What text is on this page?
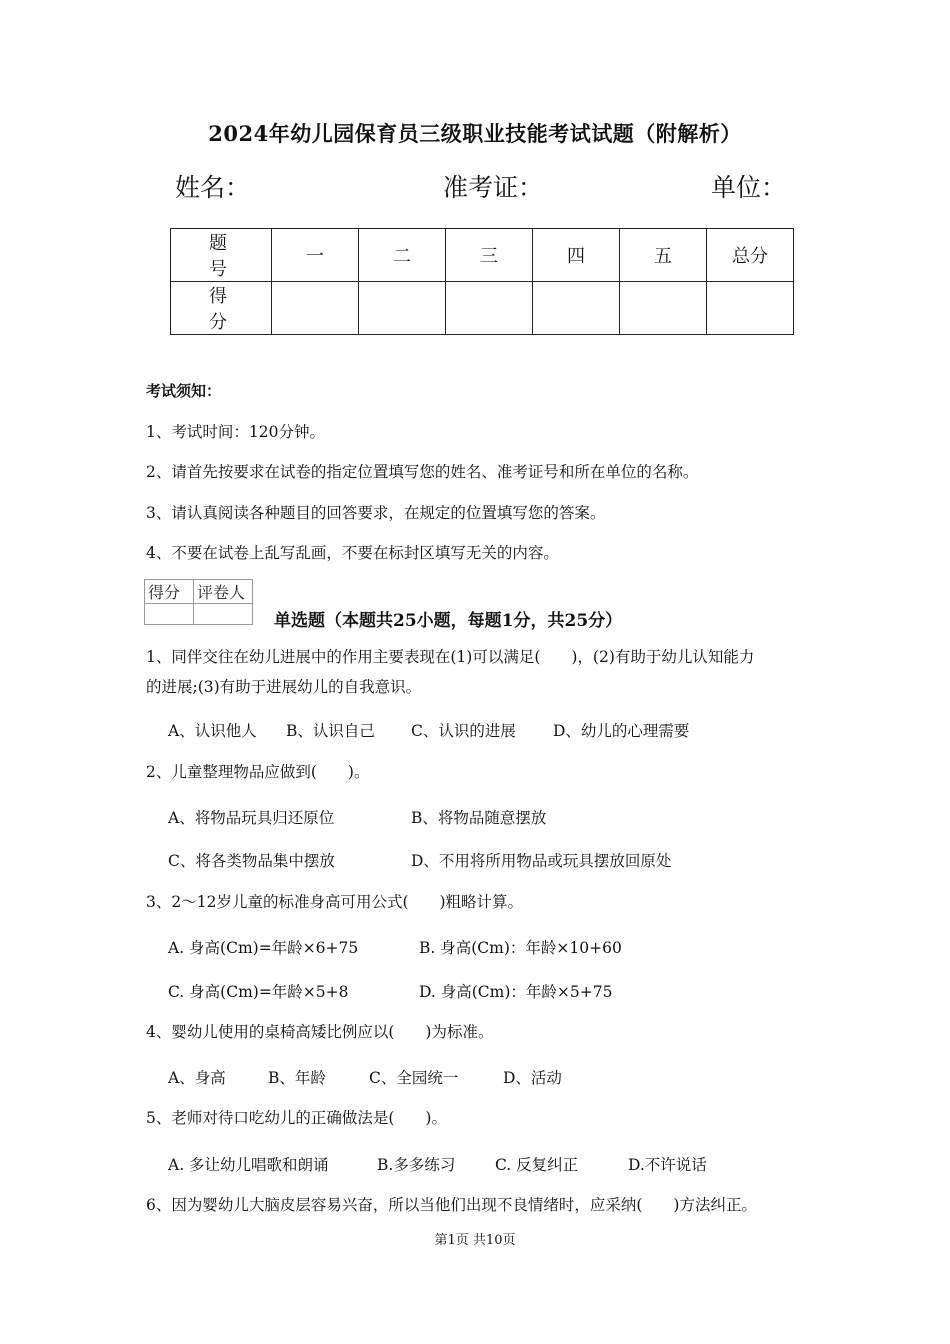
2024年幼儿园保育员三级职业技能考试试题（附解析）
姓名：	准考证：	单位：
题　号	一	二	三	四	五	总分
得　分						
考试须知：
1、考试时间：120分钟。
2、请首先按要求在试卷的指定位置填写您的姓名、准考证号和所在单位的名称。
3、请认真阅读各种题目的回答要求，在规定的位置填写您的答案。
4、不要在试卷上乱写乱画，不要在标封区填写无关的内容。
得分	评卷人

单选题（本题共25小题，每题1分，共25分）
1、同伴交往在幼儿进展中的作用主要表现在(1)可以满足(　　)，(2)有助于幼儿认知能力
的进展;(3)有助于进展幼儿的自我意识。
A、认识他人 B、认识自己 C、认识的进展 D、幼儿的心理需要
2、儿童整理物品应做到(　　)。
A、将物品玩具归还原位	B、将物品随意摆放
C、将各类物品集中摆放	D、不用将所用物品或玩具摆放回原处
3、2～12岁儿童的标准身高可用公式(　　)粗略计算。
A. 身高(Cm)=年龄×6+75	B. 身高(Cm)：年龄×10+60
C. 身高(Cm)=年龄×5+8	D. 身高(Cm)：年龄×5+75
4、婴幼儿使用的桌椅高矮比例应以(　　)为标准。
A、身高	B、年龄	C、全园统一	D、活动
5、老师对待口吃幼儿的正确做法是(　　)。
A. 多让幼儿唱歌和朗诵	B.多多练习	C. 反复纠正	D.不许说话
6、因为婴幼儿大脑皮层容易兴奋，所以当他们出现不良情绪时，应采纳(　　)方法纠正。
第1页 共10页
